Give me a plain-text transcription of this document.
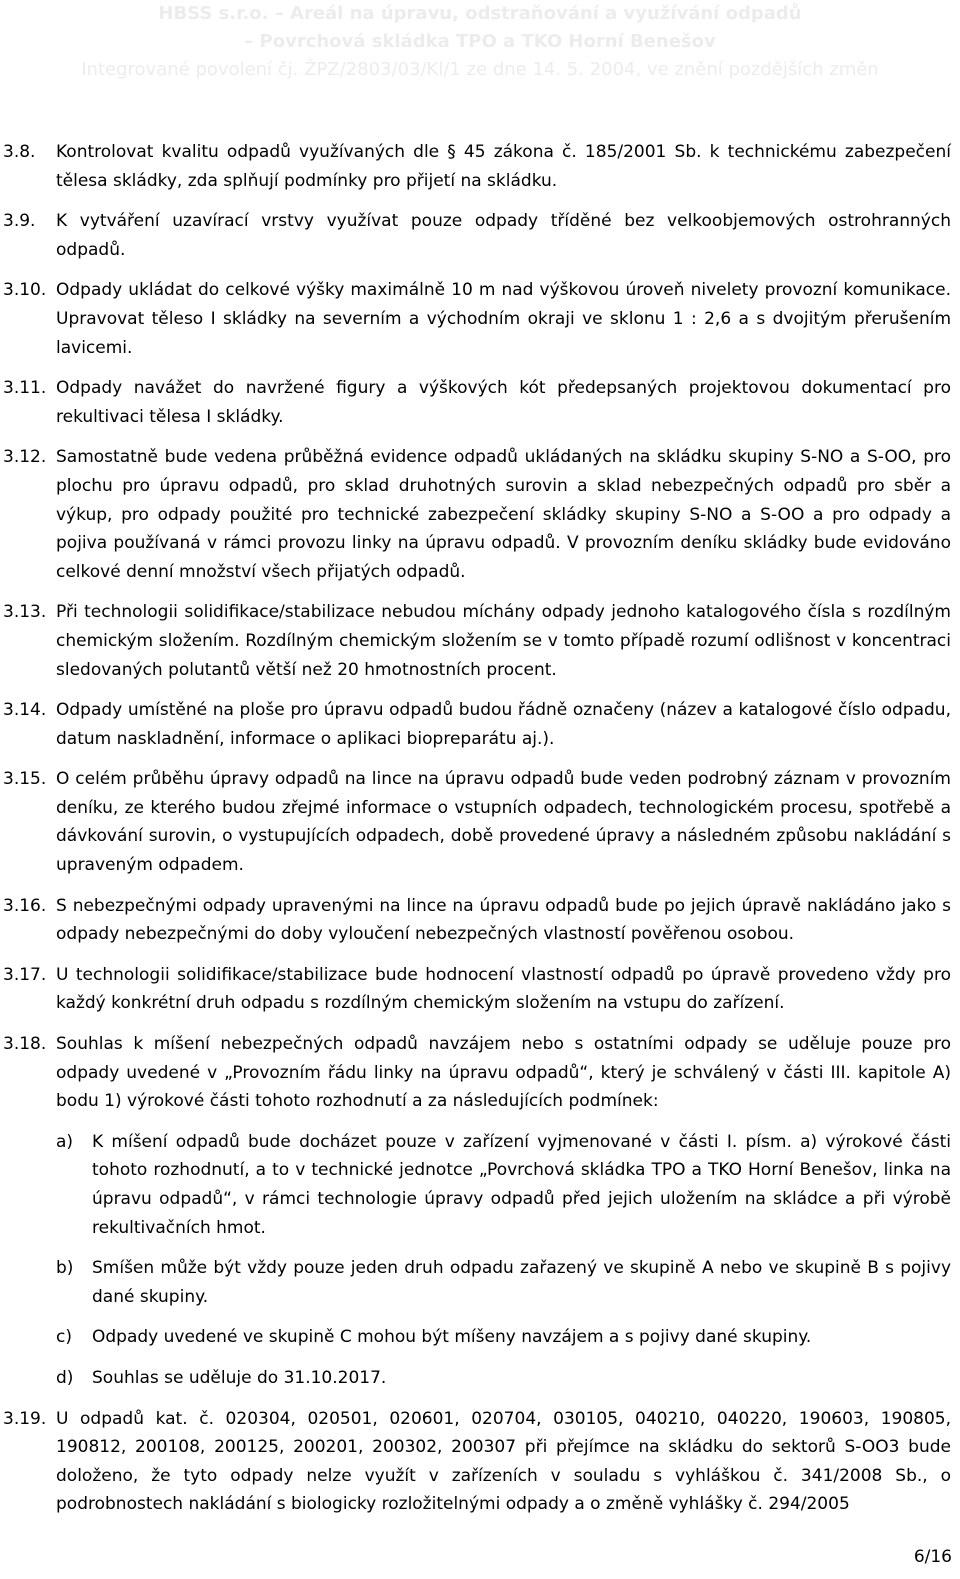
HBSS s.r.o. – Areál na úpravu, odstraňování a využívání odpadů
– Povrchová skládka TPO a TKO Horní Benešov
Integrované povolení čj. ŽPZ/2803/03/Kl/1 ze dne 14. 5. 2004, ve znění pozdějších změn
3.8. Kontrolovat kvalitu odpadů využívaných dle § 45 zákona č. 185/2001 Sb. k technickému zabezpečení tělesa skládky, zda splňují podmínky pro přijetí na skládku.
3.9. K vytváření uzavírací vrstvy využívat pouze odpady tříděné bez velkoobjemových ostrohranných odpadů.
3.10. Odpady ukládat do celkové výšky maximálně 10 m nad výškovou úroveň nivelety provozní komunikace. Upravovat těleso I skládky na severním a východním okraji ve sklonu 1 : 2,6 a s dvojitým přerušením lavicemi.
3.11. Odpady navážet do navržené figury a výškových kót předepsaných projektovou dokumentací pro rekultivaci tělesa I skládky.
3.12. Samostatně bude vedena průběžná evidence odpadů ukládaných na skládku skupiny S-NO a S-OO, pro plochu pro úpravu odpadů, pro sklad druhotných surovin a sklad nebezpečných odpadů pro sběr a výkup, pro odpady použité pro technické zabezpečení skládky skupiny S-NO a S-OO a pro odpady a pojiva používaná v rámci provozu linky na úpravu odpadů. V provozním deníku skládky bude evidováno celkové denní množství všech přijatých odpadů.
3.13. Při technologii solidifikace/stabilizace nebudou míchány odpady jednoho katalogového čísla s rozdílným chemickým složením. Rozdílným chemickým složením se v tomto případě rozumí odlišnost v koncentraci sledovaných polutantů větší než 20 hmotnostních procent.
3.14. Odpady umístěné na ploše pro úpravu odpadů budou řádně označeny (název a katalogové číslo odpadu, datum naskladnění, informace o aplikaci biopreparátu aj.).
3.15. O celém průběhu úpravy odpadů na lince na úpravu odpadů bude veden podrobný záznam v provozním deníku, ze kterého budou zřejmé informace o vstupních odpadech, technologickém procesu, spotřebě a dávkování surovin, o vystupujících odpadech, době provedené úpravy a následném způsobu nakládání s upraveným odpadem.
3.16. S nebezpečnými odpady upravenými na lince na úpravu odpadů bude po jejich úpravě nakládáno jako s odpady nebezpečnými do doby vyloučení nebezpečných vlastností pověřenou osobou.
3.17. U technologii solidifikace/stabilizace bude hodnocení vlastností odpadů po úpravě provedeno vždy pro každý konkrétní druh odpadu s rozdílným chemickým složením na vstupu do zařízení.
3.18. Souhlas k míšení nebezpečných odpadů navzájem nebo s ostatními odpady se uděluje pouze pro odpady uvedené v „Provozním řádu linky na úpravu odpadů“, který je schválený v části III. kapitole A) bodu 1) výrokové části tohoto rozhodnutí a za následujících podmínek:
a) K míšení odpadů bude docházet pouze v zařízení vyjmenované v části I. písm. a) výrokové části tohoto rozhodnutí, a to v technické jednotce „Povrchová skládka TPO a TKO Horní Benešov, linka na úpravu odpadů“, v rámci technologie úpravy odpadů před jejich uložením na skládce a při výrobě rekultivačních hmot.
b) Smíšen může být vždy pouze jeden druh odpadu zařazený ve skupině A nebo ve skupině B s pojivy dané skupiny.
c) Odpady uvedené ve skupině C mohou být míšeny navzájem a s pojivy dané skupiny.
d) Souhlas se uděluje do 31.10.2017.
3.19. U odpadů kat. č. 020304, 020501, 020601, 020704, 030105, 040210, 040220, 190603, 190805, 190812, 200108, 200125, 200201, 200302, 200307 při přejímce na skládku do sektorů S-OO3 bude doloženo, že tyto odpady nelze využít v zařízeních v souladu s vyhláškou č. 341/2008 Sb., o podrobnostech nakládání s biologicky rozložitelnými odpady a o změně vyhlášky č. 294/2005
6/16
